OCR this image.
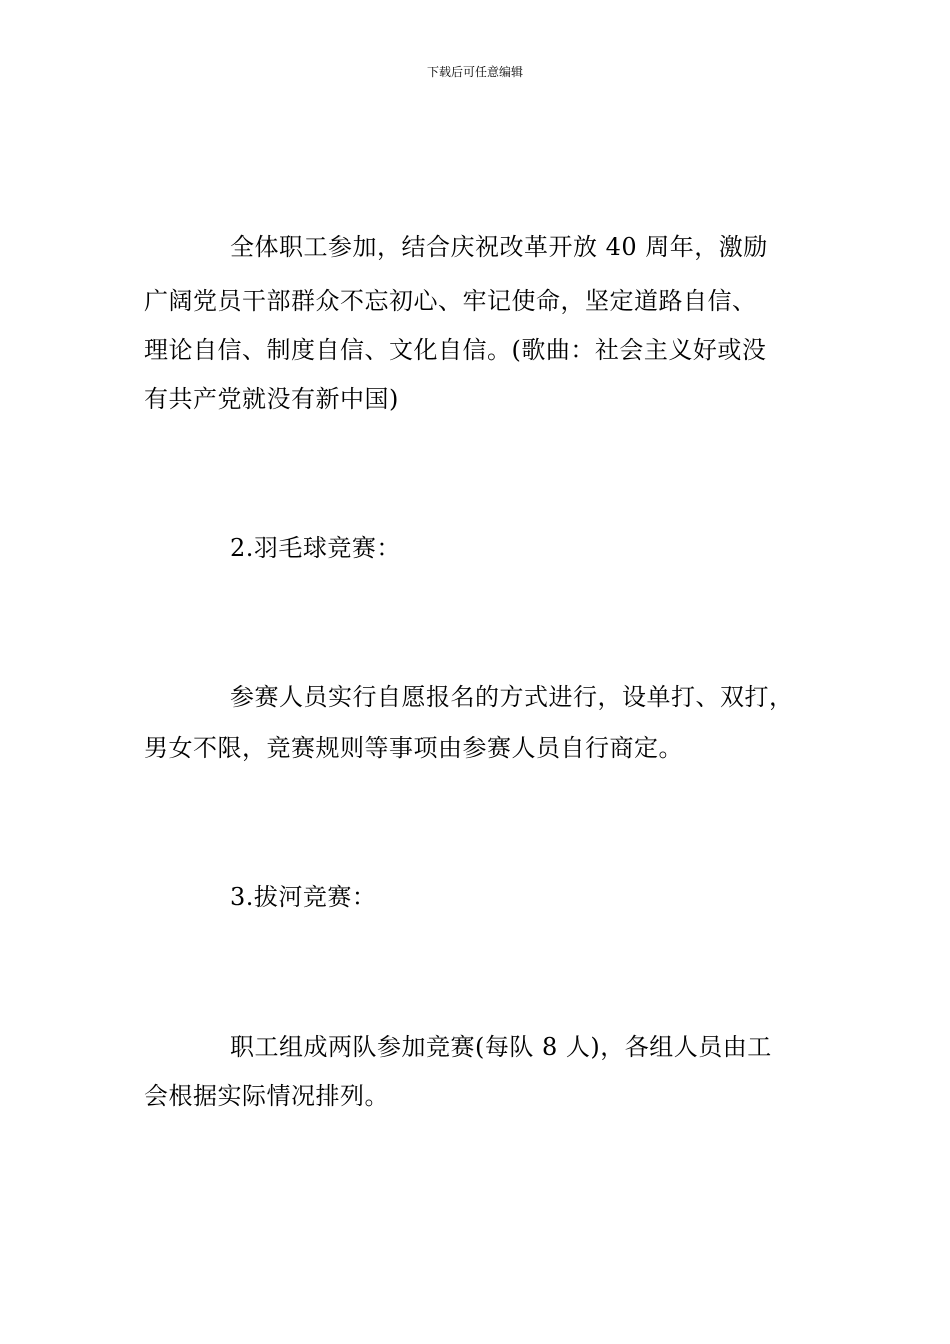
下载后可任意编辑
全体职工参加，结合庆祝改革开放 40 周年，激励
广阔党员干部群众不忘初心、牢记使命，坚定道路自信、
理论自信、制度自信、文化自信。(歌曲：社会主义好或没
有共产党就没有新中国)
2.羽毛球竞赛：
参赛人员实行自愿报名的方式进行，设单打、双打，
男女不限，竞赛规则等事项由参赛人员自行商定。
3.拔河竞赛：
职工组成两队参加竞赛(每队 8 人)，各组人员由工
会根据实际情况排列。
